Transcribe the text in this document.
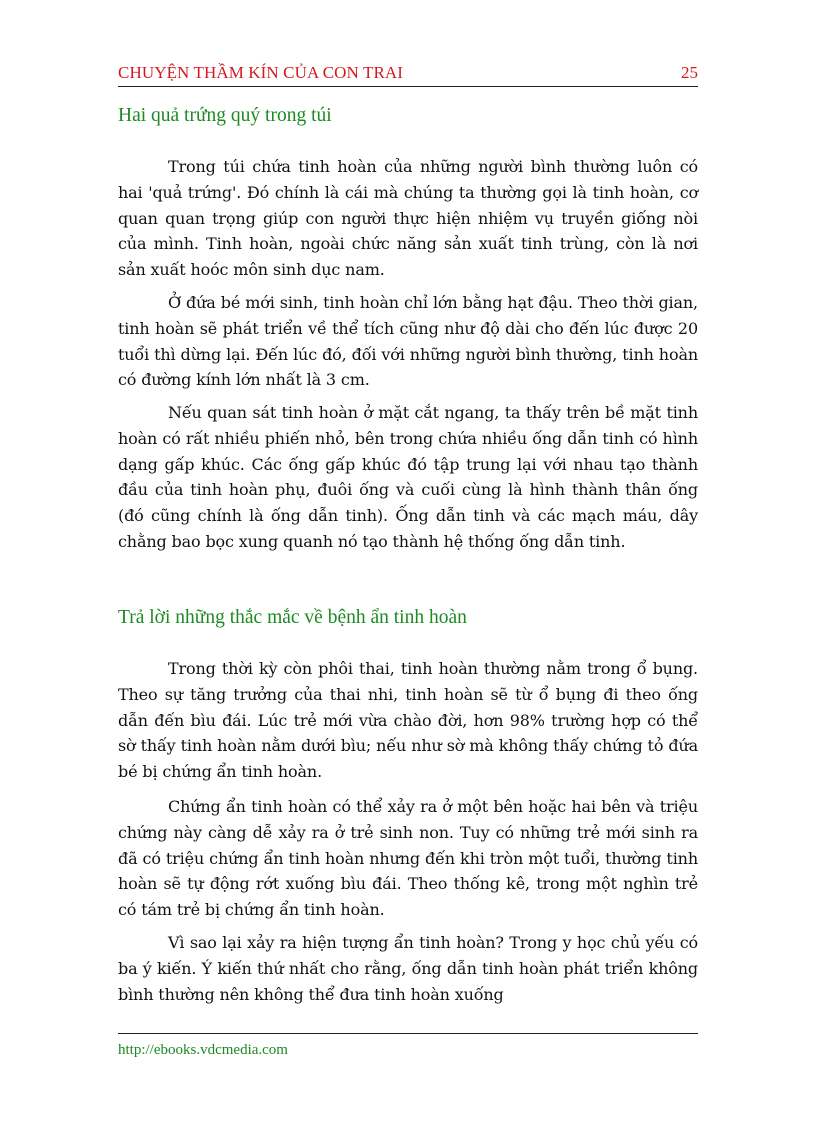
CHUYỆN THẦM KÍN CỦA CON TRAI	25
Hai quả trứng quý trong túi

Trong túi chứa tinh hoàn của những người bình thường luôn có hai 'quả trứng'. Đó chính là cái mà chúng ta thường gọi là tinh hoàn, cơ quan quan trọng giúp con người thực hiện nhiệm vụ truyền giống nòi của mình. Tinh hoàn, ngoài chức năng sản xuất tinh trùng, còn là nơi sản xuất hoóc môn sinh dục nam.

Ở đứa bé mới sinh, tinh hoàn chỉ lớn bằng hạt đậu. Theo thời gian, tinh hoàn sẽ phát triển về thể tích cũng như độ dài cho đến lúc được 20 tuổi thì dừng lại. Đến lúc đó, đối với những người bình thường, tinh hoàn có đường kính lớn nhất là 3 cm.

Nếu quan sát tinh hoàn ở mặt cắt ngang, ta thấy trên bề mặt tinh hoàn có rất nhiều phiến nhỏ, bên trong chứa nhiều ống dẫn tinh có hình dạng gấp khúc. Các ống gấp khúc đó tập trung lại với nhau tạo thành đầu của tinh hoàn phụ, đuôi ống và cuối cùng là hình thành thân ống (đó cũng chính là ống dẫn tinh). Ống dẫn tinh và các mạch máu, dây chằng bao bọc xung quanh nó tạo thành hệ thống ống dẫn tinh.

Trả lời những thắc mắc về bệnh ẩn tinh hoàn

Trong thời kỳ còn phôi thai, tinh hoàn thường nằm trong ổ bụng. Theo sự tăng trưởng của thai nhi, tinh hoàn sẽ từ ổ bụng đi theo ống dẫn đến bìu đái. Lúc trẻ mới vừa chào đời, hơn 98% trường hợp có thể sờ thấy tinh hoàn nằm dưới bìu; nếu như sờ mà không thấy chứng tỏ đứa bé bị chứng ẩn tinh hoàn.

Chứng ẩn tinh hoàn có thể xảy ra ở một bên hoặc hai bên và triệu chứng này càng dễ xảy ra ở trẻ sinh non. Tuy có những trẻ mới sinh ra đã có triệu chứng ẩn tinh hoàn nhưng đến khi tròn một tuổi, thường tinh hoàn sẽ tự động rớt xuống bìu đái. Theo thống kê, trong một nghìn trẻ có tám trẻ bị chứng ẩn tinh hoàn.

Vì sao lại xảy ra hiện tượng ẩn tinh hoàn? Trong y học chủ yếu có ba ý kiến. Ý kiến thứ nhất cho rằng, ống dẫn tinh hoàn phát triển không bình thường nên không thể đưa tinh hoàn xuống

http://ebooks.vdcmedia.com
